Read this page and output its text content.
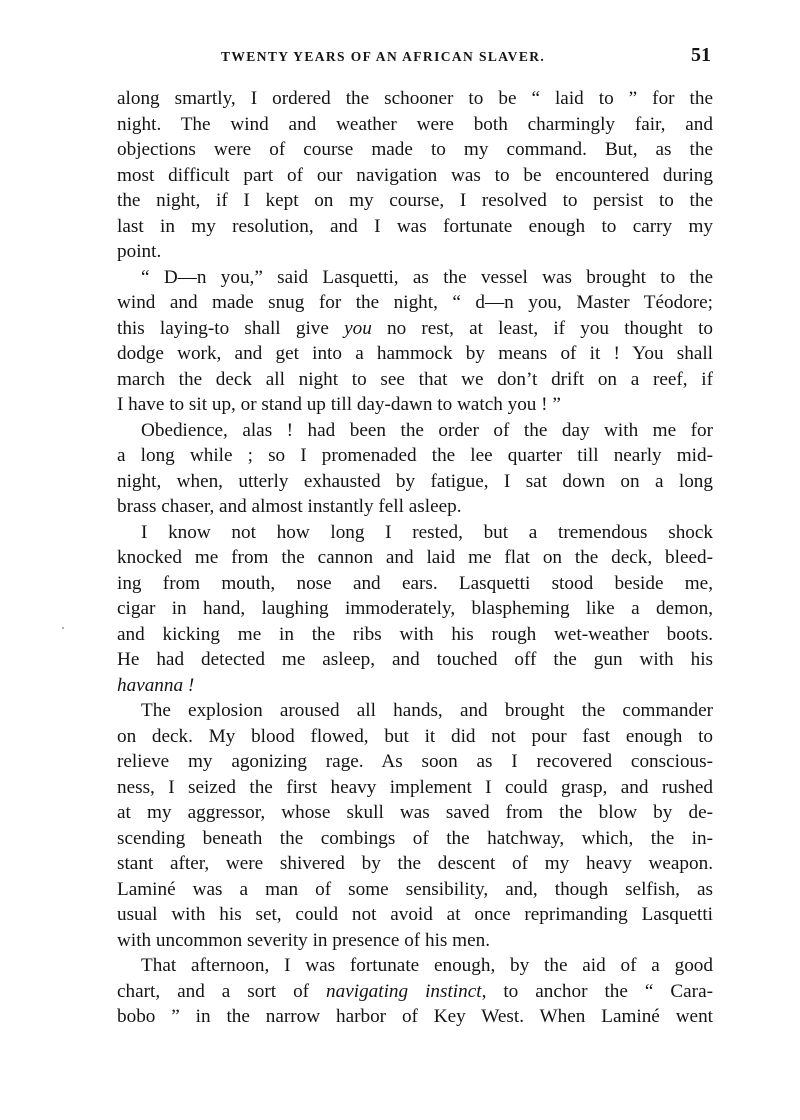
TWENTY YEARS OF AN AFRICAN SLAVER.	51
along smartly, I ordered the schooner to be “ laid to ” for the
night. The wind and weather were both charmingly fair, and
objections were of course made to my command. But, as the
most difficult part of our navigation was to be encountered during
the night, if I kept on my course, I resolved to persist to the
last in my resolution, and I was fortunate enough to carry my
point.
“ D—n you,” said Lasquetti, as the vessel was brought to the
wind and made snug for the night, “ d—n you, Master Téodore;
this laying-to shall give you no rest, at least, if you thought to
dodge work, and get into a hammock by means of it ! You shall
march the deck all night to see that we don’t drift on a reef, if
I have to sit up, or stand up till day-dawn to watch you ! ”
Obedience, alas ! had been the order of the day with me for
a long while ; so I promenaded the lee quarter till nearly mid-
night, when, utterly exhausted by fatigue, I sat down on a long
brass chaser, and almost instantly fell asleep.
I know not how long I rested, but a tremendous shock
knocked me from the cannon and laid me flat on the deck, bleed-
ing from mouth, nose and ears. Lasquetti stood beside me,
cigar in hand, laughing immoderately, blaspheming like a demon,
and kicking me in the ribs with his rough wet-weather boots.
He had detected me asleep, and touched off the gun with his
havanna !
The explosion aroused all hands, and brought the commander
on deck. My blood flowed, but it did not pour fast enough to
relieve my agonizing rage. As soon as I recovered conscious-
ness, I seized the first heavy implement I could grasp, and rushed
at my aggressor, whose skull was saved from the blow by de-
scending beneath the combings of the hatchway, which, the in-
stant after, were shivered by the descent of my heavy weapon.
Laminé was a man of some sensibility, and, though selfish, as
usual with his set, could not avoid at once reprimanding Lasquetti
with uncommon severity in presence of his men.
That afternoon, I was fortunate enough, by the aid of a good
chart, and a sort of navigating instinct, to anchor the “ Cara-
bobo ” in the narrow harbor of Key West. When Laminé went
